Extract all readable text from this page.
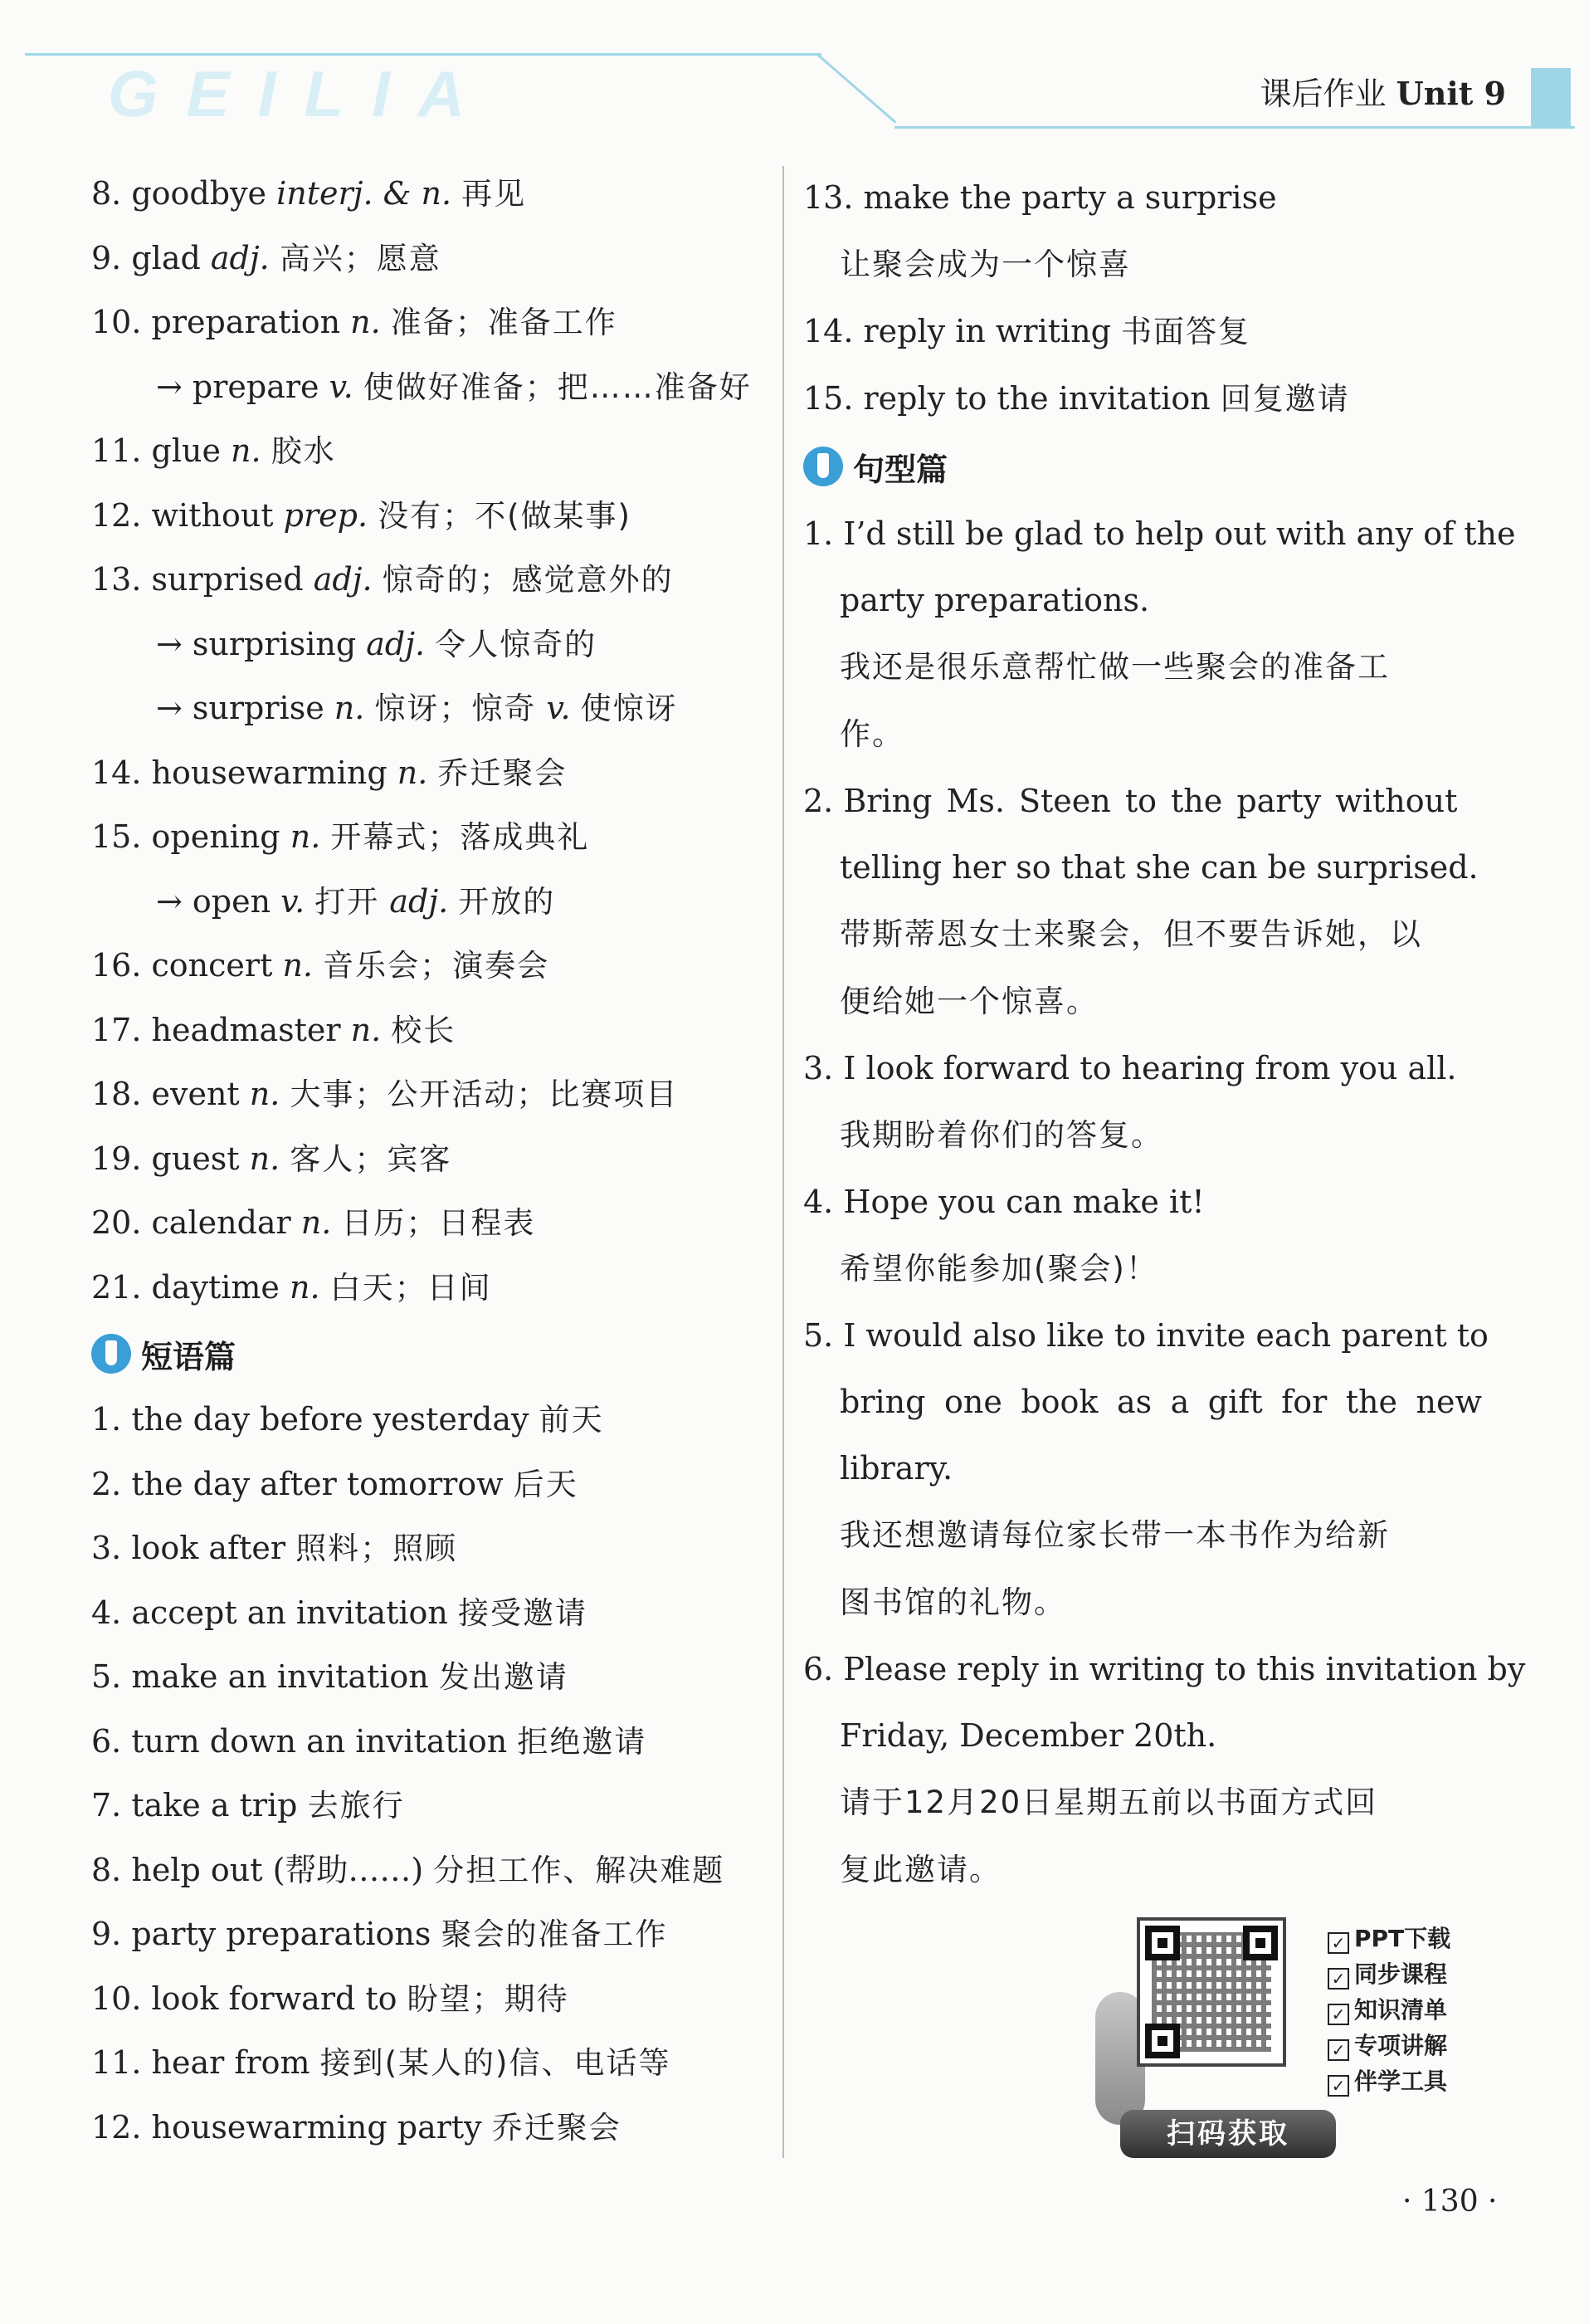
GEILIA	课后作业 Unit 9
8. goodbye interj. & n. 再见
9. glad adj. 高兴；愿意
10. preparation n. 准备；准备工作
→ prepare v. 使做好准备；把……准备好
11. glue n. 胶水
12. without prep. 没有；不(做某事)
13. surprised adj. 惊奇的；感觉意外的
→ surprising adj. 令人惊奇的
→ surprise n. 惊讶；惊奇 v. 使惊讶
14. housewarming n. 乔迁聚会
15. opening n. 开幕式；落成典礼
→ open v. 打开 adj. 开放的
16. concert n. 音乐会；演奏会
17. headmaster n. 校长
18. event n. 大事；公开活动；比赛项目
19. guest n. 客人；宾客
20. calendar n. 日历；日程表
21. daytime n. 白天；日间
短语篇
1. the day before yesterday 前天
2. the day after tomorrow 后天
3. look after 照料；照顾
4. accept an invitation 接受邀请
5. make an invitation 发出邀请
6. turn down an invitation 拒绝邀请
7. take a trip 去旅行
8. help out (帮助……) 分担工作、解决难题
9. party preparations 聚会的准备工作
10. look forward to 盼望；期待
11. hear from 接到(某人的)信、电话等
12. housewarming party 乔迁聚会
13. make the party a surprise
让聚会成为一个惊喜
14. reply in writing 书面答复
15. reply to the invitation 回复邀请
句型篇
1. I’d still be glad to help out with any of the
party preparations.
我还是很乐意帮忙做一些聚会的准备工
作。
2. Bring Ms. Steen to the party without
telling her so that she can be surprised.
带斯蒂恩女士来聚会，但不要告诉她，以
便给她一个惊喜。
3. I look forward to hearing from you all.
我期盼着你们的答复。
4. Hope you can make it!
希望你能参加(聚会)！
5. I would also like to invite each parent to
bring one book as a gift for the new
library.
我还想邀请每位家长带一本书作为给新
图书馆的礼物。
6. Please reply in writing to this invitation by
Friday, December 20th.
请于12月20日星期五前以书面方式回
复此邀请。
扫码获取
✓ PPT下载
✓ 同步课程
✓ 知识清单
✓ 专项讲解
✓ 伴学工具
· 130 ·
